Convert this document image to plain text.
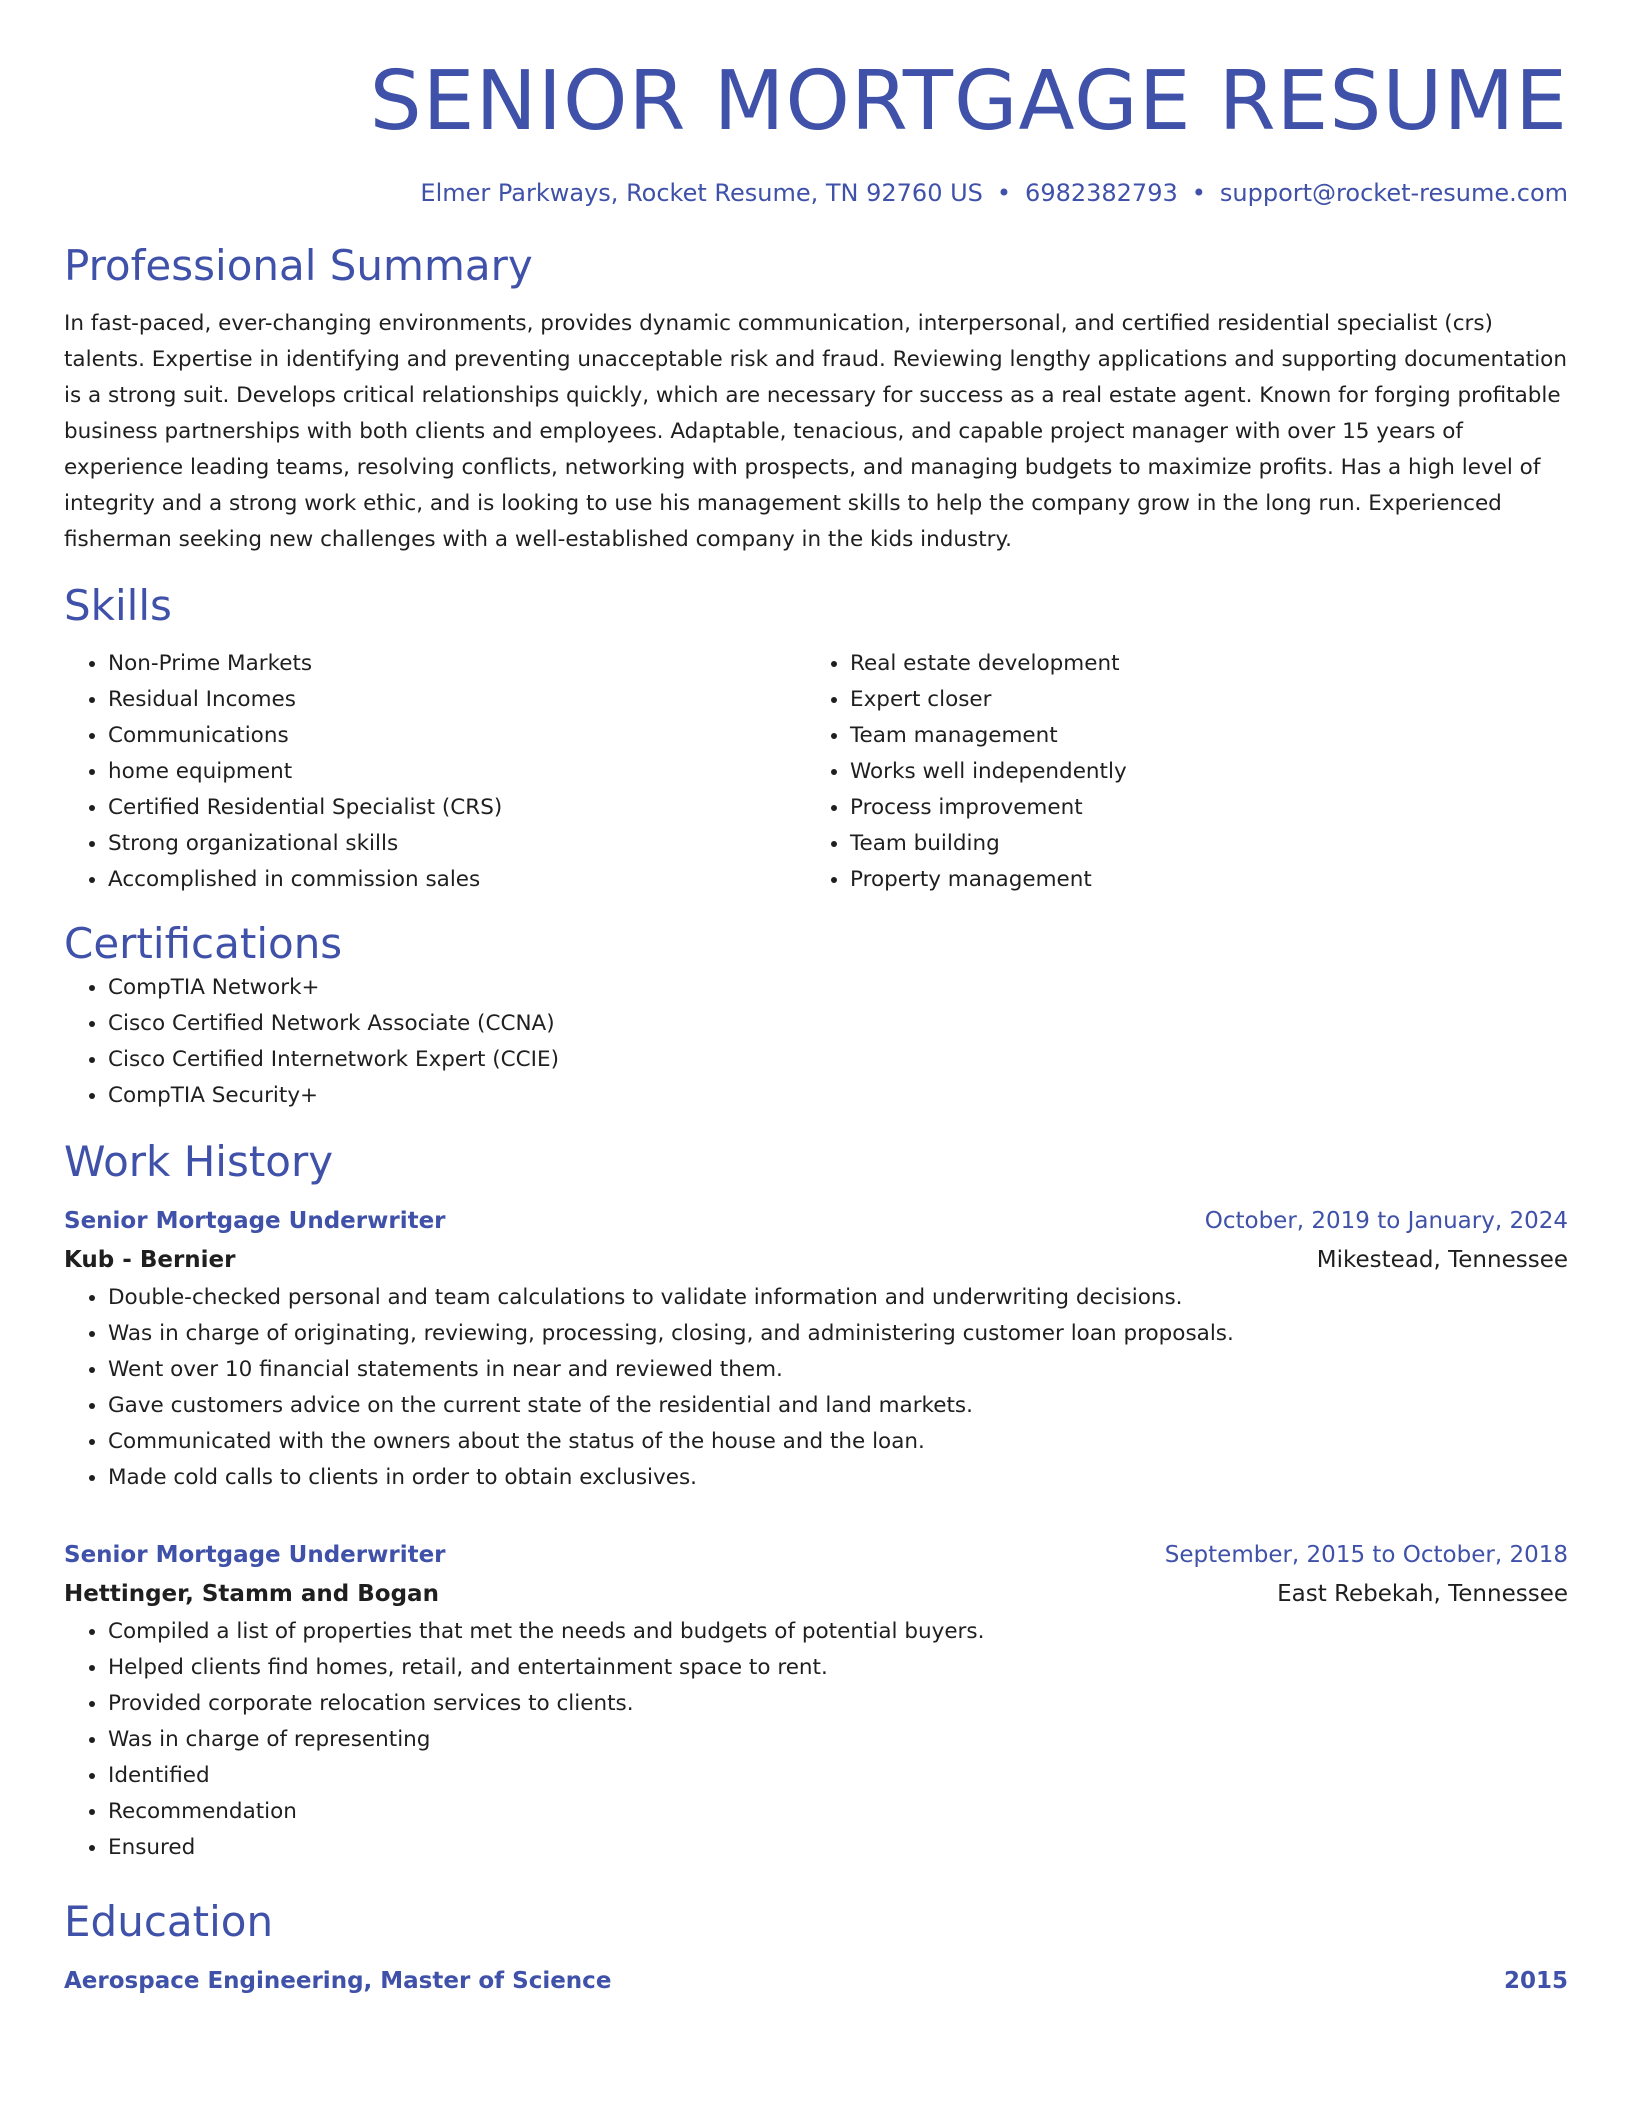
SENIOR MORTGAGE RESUME
Elmer Parkways, Rocket Resume, TN 92760 US • 6982382793 • support@rocket-resume.com
Professional Summary

In fast-paced, ever-changing environments, provides dynamic communication, interpersonal, and certified residential specialist (crs) talents. Expertise in identifying and preventing unacceptable risk and fraud. Reviewing lengthy applications and supporting documentation is a strong suit. Develops critical relationships quickly, which are necessary for success as a real estate agent. Known for forging profitable business partnerships with both clients and employees. Adaptable, tenacious, and capable project manager with over 15 years of experience leading teams, resolving conflicts, networking with prospects, and managing budgets to maximize profits. Has a high level of integrity and a strong work ethic, and is looking to use his management skills to help the company grow in the long run. Experienced fisherman seeking new challenges with a well-established company in the kids industry.

Skills
• Non-Prime Markets
• Residual Incomes
• Communications
• home equipment
• Certified Residential Specialist (CRS)
• Strong organizational skills
• Accomplished in commission sales
• Real estate development
• Expert closer
• Team management
• Works well independently
• Process improvement
• Team building
• Property management
Certifications
• CompTIA Network+
• Cisco Certified Network Associate (CCNA)
• Cisco Certified Internetwork Expert (CCIE)
• CompTIA Security+
Work History
Senior Mortgage Underwriter	October, 2019 to January, 2024
Kub - Bernier	Mikestead, Tennessee
• Double-checked personal and team calculations to validate information and underwriting decisions.
• Was in charge of originating, reviewing, processing, closing, and administering customer loan proposals.
• Went over 10 financial statements in near and reviewed them.
• Gave customers advice on the current state of the residential and land markets.
• Communicated with the owners about the status of the house and the loan.
• Made cold calls to clients in order to obtain exclusives.
Senior Mortgage Underwriter	September, 2015 to October, 2018
Hettinger, Stamm and Bogan	East Rebekah, Tennessee
• Compiled a list of properties that met the needs and budgets of potential buyers.
• Helped clients find homes, retail, and entertainment space to rent.
• Provided corporate relocation services to clients.
• Was in charge of representing
• Identified
• Recommendation
• Ensured
Education
Aerospace Engineering, Master of Science	2015
